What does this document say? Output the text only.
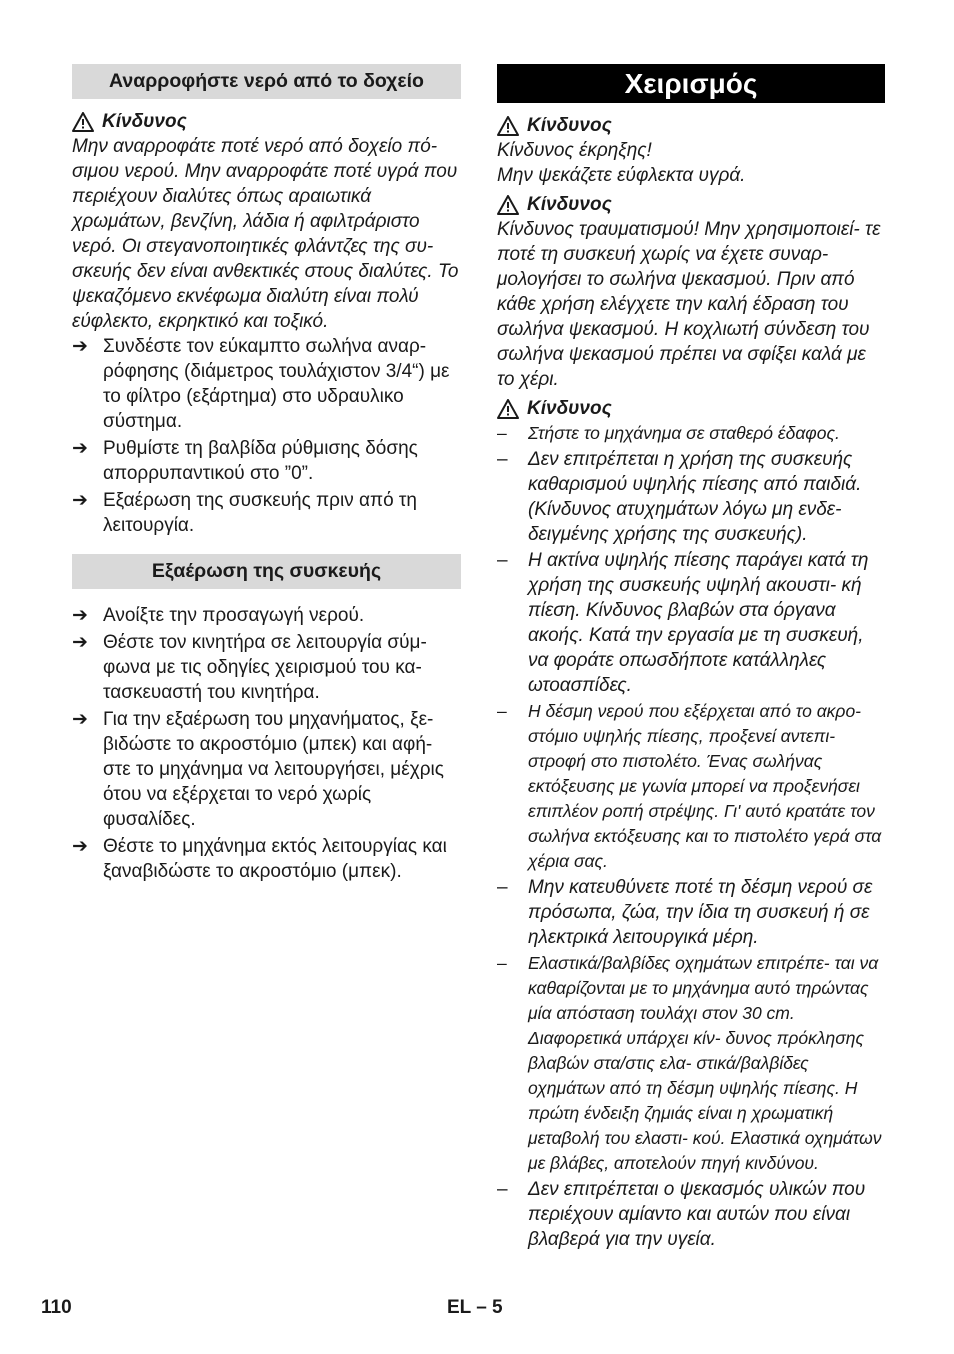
Αναρροφήστε νερό από το δοχείο
Κίνδυνος

Μην αναρροφάτε ποτέ νερό από δοχείο πό- σιμου νερού. Μην αναρροφάτε ποτέ υγρά που περιέχουν διαλύτες όπως αραιωτικά χρωμάτων, βενζίνη, λάδια ή αφιλτράριστο νερό. Οι στεγανοποιητικές φλάντζες της συ- σκευής δεν είναι ανθεκτικές στους διαλύτες. Το ψεκαζόμενο εκνέφωμα διαλύτη είναι πολύ εύφλεκτο, εκρηκτικό και τοξικό.

➔ Συνδέστε τον εύκαμπτο σωλήνα αναρ- ρόφησης (διάμετρος τουλάχιστον 3/4“) με το φίλτρο (εξάρτημα) στο υδραυλικο σύστημα.
➔ Ρυθμίστε τη βαλβίδα ρύθμισης δόσης απορρυπαντικού στο ”0”.
➔ Εξαέρωση της συσκευής πριν από τη λειτουργία.
Εξαέρωση της συσκευής
➔ Ανοίξτε την προσαγωγή νερού.
➔ Θέστε τον κινητήρα σε λειτουργία σύμ- φωνα με τις οδηγίες χειρισμού του κα- τασκευαστή του κινητήρα.
➔ Για την εξαέρωση του μηχανήματος, ξε- βιδώστε το ακροστόμιο (μπεκ) και αφή- στε το μηχάνημα να λειτουργήσει, μέχρις ότου να εξέρχεται το νερό χωρίς φυσαλίδες.
➔ Θέστε το μηχάνημα εκτός λειτουργίας και ξαναβιδώστε το ακροστόμιο (μπεκ).
Χειρισμός
Κίνδυνος

Κίνδυνος έκρηξης!

Μην ψεκάζετε εύφλεκτα υγρά.

Κίνδυνος

Κίνδυνος τραυματισμού! Μην χρησιμοποιεί- τε ποτέ τη συσκευή χωρίς να έχετε συναρ- μολογήσει το σωλήνα ψεκασμού. Πριν από κάθε χρήση ελέγχετε την καλή έδραση του σωλήνα ψεκασμού. Η κοχλιωτή σύνδεση του σωλήνα ψεκασμού πρέπει να σφίξει καλά με το χέρι.

Κίνδυνος
–	Στήστε το μηχάνημα σε σταθερό έδαφος.
–	Δεν επιτρέπεται η χρήση της συσκευής καθαρισμού υψηλής πίεσης από παιδιά. (Κίνδυνος ατυχημάτων λόγω μη ενδε- δειγμένης χρήσης της συσκευής).
–	Η ακτίνα υψηλής πίεσης παράγει κατά τη χρήση της συσκευής υψηλή ακουστι- κή πίεση. Κίνδυνος βλαβών στα όργανα ακοής. Κατά την εργασία με τη συσκευή, να φοράτε οπωσδήποτε κατάλληλες ωτοασπίδες.
–	Η δέσμη νερού που εξέρχεται από το ακρο- στόμιο υψηλής πίεσης, προξενεί αντεπι- στροφή στο πιστολέτο. Ένας σωλήνας εκτόξευσης με γωνία μπορεί να προξενήσει επιπλέον ροπή στρέψης. Γι' αυτό κρατάτε τον σωλήνα εκτόξευσης και το πιστολέτο γερά στα χέρια σας.
–	Μην κατευθύνετε ποτέ τη δέσμη νερού σε πρόσωπα, ζώα, την ίδια τη συσκευή ή σε ηλεκτρικά λειτουργικά μέρη.
–	Ελαστικά/βαλβίδες οχημάτων επιτρέπε- ται να καθαρίζονται με το μηχάνημα αυτό τηρώντας μία απόσταση τουλάχι στον 30 cm. Διαφορετικά υπάρχει κίν- δυνος πρόκλησης βλαβών στα/στις ελα- στικά/βαλβίδες οχημάτων από τη δέσμη υψηλής πίεσης. Η πρώτη ένδειξη ζημιάς είναι η χρωματική μεταβολή του ελαστι- κού. Ελαστικά οχημάτων με βλάβες, αποτελούν πηγή κινδύνου.
–	Δεν επιτρέπεται ο ψεκασμός υλικών που περιέχουν αμίαντο και αυτών που είναι βλαβερά για την υγεία.
110	EL – 5
